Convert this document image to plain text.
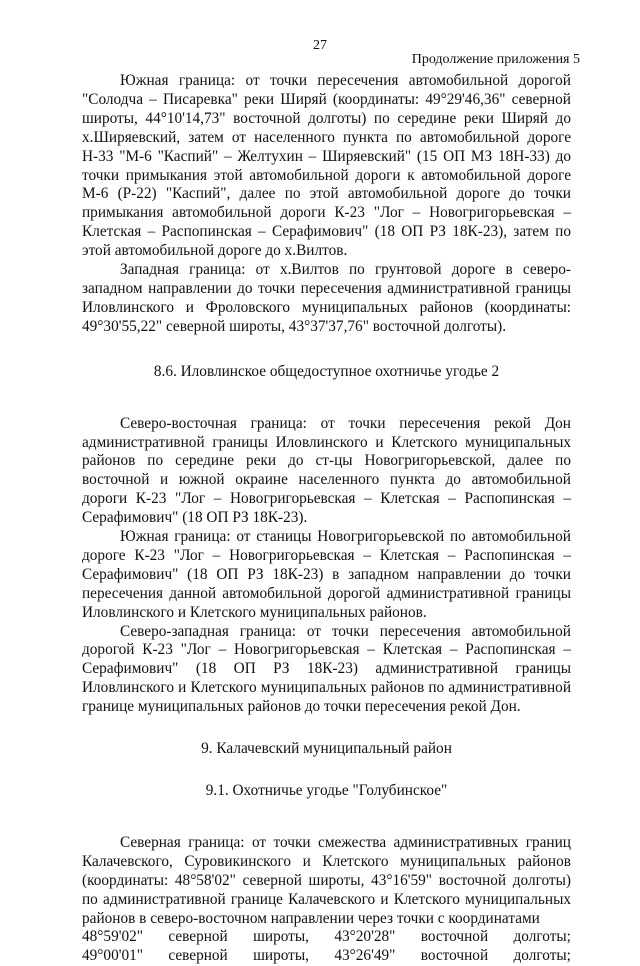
27
Продолжение приложения 5

Южная граница: от точки пересечения автомобильной дорогой "Солодча – Писаревка" реки Ширяй (координаты: 49°29'46,36" северной широты, 44°10'14,73" восточной долготы) по середине реки Ширяй до х.Ширяевский, затем от населенного пункта по автомобильной дороге Н-33 "М-6 "Каспий" – Желтухин – Ширяевский" (15 ОП МЗ 18Н-33) до точки примыкания этой автомобильной дороги к автомобильной дороге М-6 (Р-22) "Каспий", далее по этой автомобильной дороге до точки примыкания автомобильной дороги К-23 "Лог – Новогригорьевская – Клетская – Распопинская – Серафимович" (18 ОП РЗ 18К-23), затем по этой автомобильной дороге до х.Вилтов.

Западная граница: от х.Вилтов по грунтовой дороге в северо-западном направлении до точки пересечения административной границы Иловлинского и Фроловского муниципальных районов (координаты: 49°30'55,22" северной широты, 43°37'37,76" восточной долготы).

8.6. Иловлинское общедоступное охотничье угодье 2

Северо-восточная граница: от точки пересечения рекой Дон административной границы Иловлинского и Клетского муниципальных районов по середине реки до ст-цы Новогригорьевской, далее по восточной и южной окраине населенного пункта до автомобильной дороги К-23 "Лог – Новогригорьевская – Клетская – Распопинская – Серафимович" (18 ОП РЗ 18К-23).

Южная граница: от станицы Новогригорьевской по автомобильной дороге К-23 "Лог – Новогригорьевская – Клетская – Распопинская – Серафимович" (18 ОП РЗ 18К-23) в западном направлении до точки пересечения данной автомобильной дорогой административной границы Иловлинского и Клетского муниципальных районов.

Северо-западная граница: от точки пересечения автомобильной дорогой К-23 "Лог – Новогригорьевская – Клетская – Распопинская – Серафимович" (18 ОП РЗ 18К-23) административной границы Иловлинского и Клетского муниципальных районов по административной границе муниципальных районов до точки пересечения рекой Дон.

9. Калачевский муниципальный район
9.1. Охотничье угодье "Голубинское"

Северная граница: от точки смежества административных границ Калачевского, Суровикинского и Клетского муниципальных районов (координаты: 48°58'02" северной широты, 43°16'59" восточной долготы) по административной границе Калачевского и Клетского муниципальных районов в северо-восточном направлении через точки с координатами

48°59'02" северной широты, 43°20'28" восточной долготы;
49°00'01" северной широты, 43°26'49" восточной долготы;
